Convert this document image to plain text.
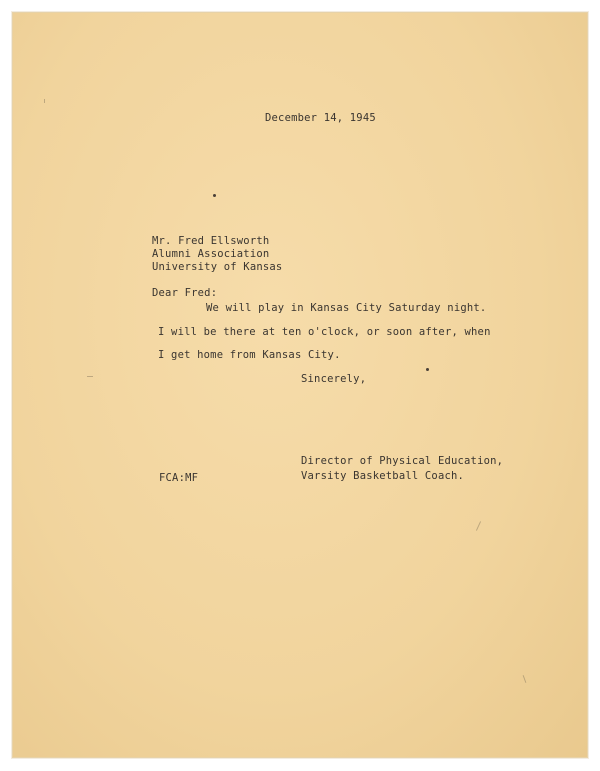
December 14, 1945
Mr. Fred Ellsworth
Alumni Association
University of Kansas
Dear Fred:
We will play in Kansas City Saturday night.
I will be there at ten o'clock, or soon after, when
I get home from Kansas City.
Sincerely,
FCA:MF
Director of Physical Education,
Varsity Basketball Coach.
